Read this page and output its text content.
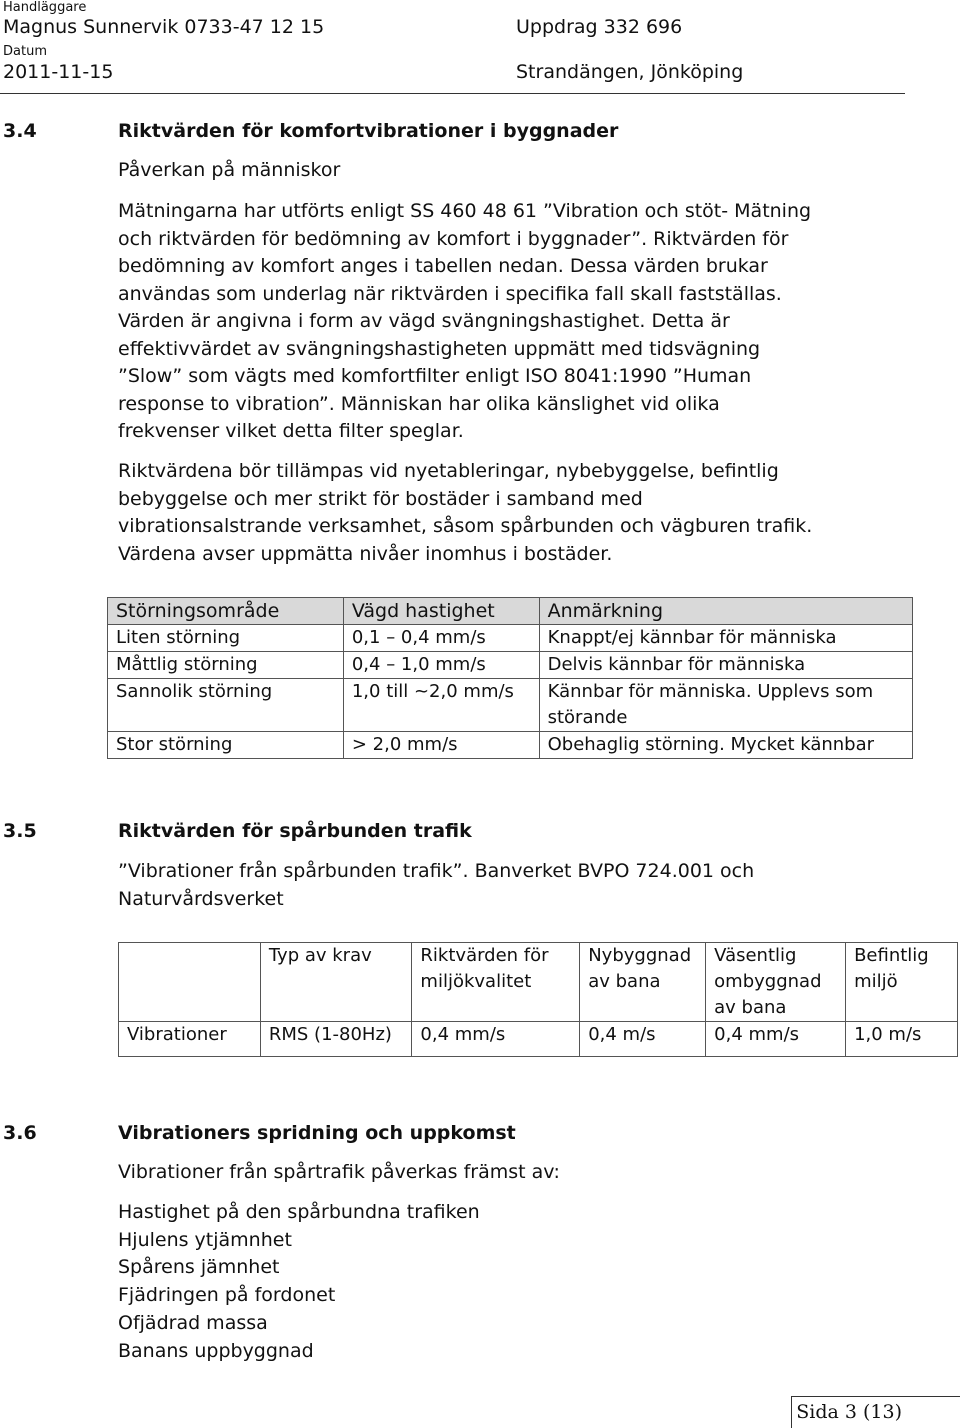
Handläggare
Magnus Sunnervik 0733-47 12 15	Uppdrag 332 696
Datum
2011-11-15	Strandängen, Jönköping
3.4	Riktvärden för komfortvibrationer i byggnader
Påverkan på människor
Mätningarna har utförts enligt SS 460 48 61 ”Vibration och stöt- Mätning
och riktvärden för bedömning av komfort i byggnader”. Riktvärden för
bedömning av komfort anges i tabellen nedan. Dessa värden brukar
användas som underlag när riktvärden i specifika fall skall fastställas.
Värden är angivna i form av vägd svängningshastighet. Detta är
effektivvärdet av svängningshastigheten uppmätt med tidsvägning
”Slow” som vägts med komfortfilter enligt ISO 8041:1990 ”Human
response to vibration”. Människan har olika känslighet vid olika
frekvenser vilket detta filter speglar.
Riktvärdena bör tillämpas vid nyetableringar, nybebyggelse, befintlig
bebyggelse och mer strikt för bostäder i samband med
vibrationsalstrande verksamhet, såsom spårbunden och vägburen trafik.
Värdena avser uppmätta nivåer inomhus i bostäder.
Störningsområde	Vägd hastighet	Anmärkning
Liten störning	0,1 – 0,4 mm/s	Knappt/ej kännbar för människa
Måttlig störning	0,4 – 1,0 mm/s	Delvis kännbar för människa
Sannolik störning	1,0 till ~2,0 mm/s	Kännbar för människa. Upplevs som störande
Stor störning	> 2,0 mm/s	Obehaglig störning. Mycket kännbar
3.5	Riktvärden för spårbunden trafik
”Vibrationer från spårbunden trafik”. Banverket BVPO 724.001 och
Naturvårdsverket
	Typ av krav	Riktvärden för miljökvalitet	Nybyggnad av bana	Väsentlig ombyggnad av bana	Befintlig miljö
Vibrationer	RMS (1-80Hz)	0,4 mm/s	0,4 m/s	0,4 mm/s	1,0 m/s
3.6	Vibrationers spridning och uppkomst
Vibrationer från spårtrafik påverkas främst av:
Hastighet på den spårbundna trafiken
Hjulens ytjämnhet
Spårens jämnhet
Fjädringen på fordonet
Ofjädrad massa
Banans uppbyggnad
Sida 3 (13)
